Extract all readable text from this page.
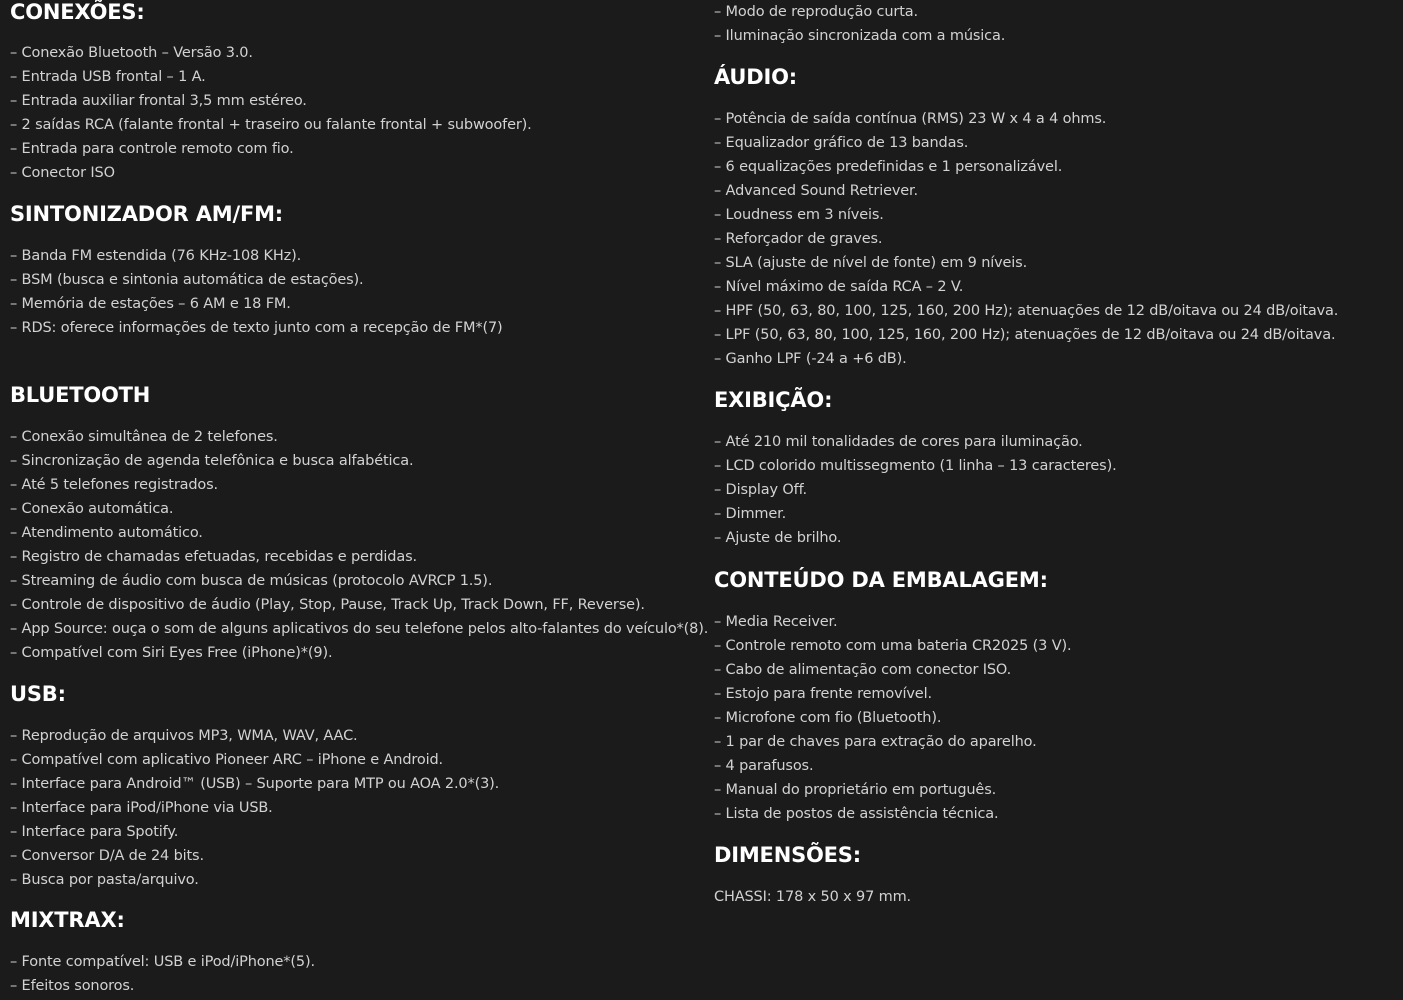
CONEXÕES:
– Conexão Bluetooth – Versão 3.0.
– Entrada USB frontal – 1 A.
– Entrada auxiliar frontal 3,5 mm estéreo.
– 2 saídas RCA (falante frontal + traseiro ou falante frontal + subwoofer).
– Entrada para controle remoto com fio.
– Conector ISO
SINTONIZADOR AM/FM:
– Banda FM estendida (76 KHz-108 KHz).
– BSM (busca e sintonia automática de estações).
– Memória de estações – 6 AM e 18 FM.
– RDS: oferece informações de texto junto com a recepção de FM*(7)
BLUETOOTH
– Conexão simultânea de 2 telefones.
– Sincronização de agenda telefônica e busca alfabética.
– Até 5 telefones registrados.
– Conexão automática.
– Atendimento automático.
– Registro de chamadas efetuadas, recebidas e perdidas.
– Streaming de áudio com busca de músicas (protocolo AVRCP 1.5).
– Controle de dispositivo de áudio (Play, Stop, Pause, Track Up, Track Down, FF, Reverse).
– App Source: ouça o som de alguns aplicativos do seu telefone pelos alto-falantes do veículo*(8).
– Compatível com Siri Eyes Free (iPhone)*(9).
USB:
– Reprodução de arquivos MP3, WMA, WAV, AAC.
– Compatível com aplicativo Pioneer ARC – iPhone e Android.
– Interface para Android™ (USB) – Suporte para MTP ou AOA 2.0*(3).
– Interface para iPod/iPhone via USB.
– Interface para Spotify.
– Conversor D/A de 24 bits.
– Busca por pasta/arquivo.
MIXTRAX:
– Fonte compatível: USB e iPod/iPhone*(5).
– Efeitos sonoros.
– Modo de reprodução curta.
– Iluminação sincronizada com a música.
ÁUDIO:
– Potência de saída contínua (RMS) 23 W x 4 a 4 ohms.
– Equalizador gráfico de 13 bandas.
– 6 equalizações predefinidas e 1 personalizável.
– Advanced Sound Retriever.
– Loudness em 3 níveis.
– Reforçador de graves.
– SLA (ajuste de nível de fonte) em 9 níveis.
– Nível máximo de saída RCA – 2 V.
– HPF (50, 63, 80, 100, 125, 160, 200 Hz); atenuações de 12 dB/oitava ou 24 dB/oitava.
– LPF (50, 63, 80, 100, 125, 160, 200 Hz); atenuações de 12 dB/oitava ou 24 dB/oitava.
– Ganho LPF (-24 a +6 dB).
EXIBIÇÃO:
– Até 210 mil tonalidades de cores para iluminação.
– LCD colorido multissegmento (1 linha – 13 caracteres).
– Display Off.
– Dimmer.
– Ajuste de brilho.
CONTEÚDO DA EMBALAGEM:
– Media Receiver.
– Controle remoto com uma bateria CR2025 (3 V).
– Cabo de alimentação com conector ISO.
– Estojo para frente removível.
– Microfone com fio (Bluetooth).
– 1 par de chaves para extração do aparelho.
– 4 parafusos.
– Manual do proprietário em português.
– Lista de postos de assistência técnica.
DIMENSÕES:

CHASSI: 178 x 50 x 97 mm.
